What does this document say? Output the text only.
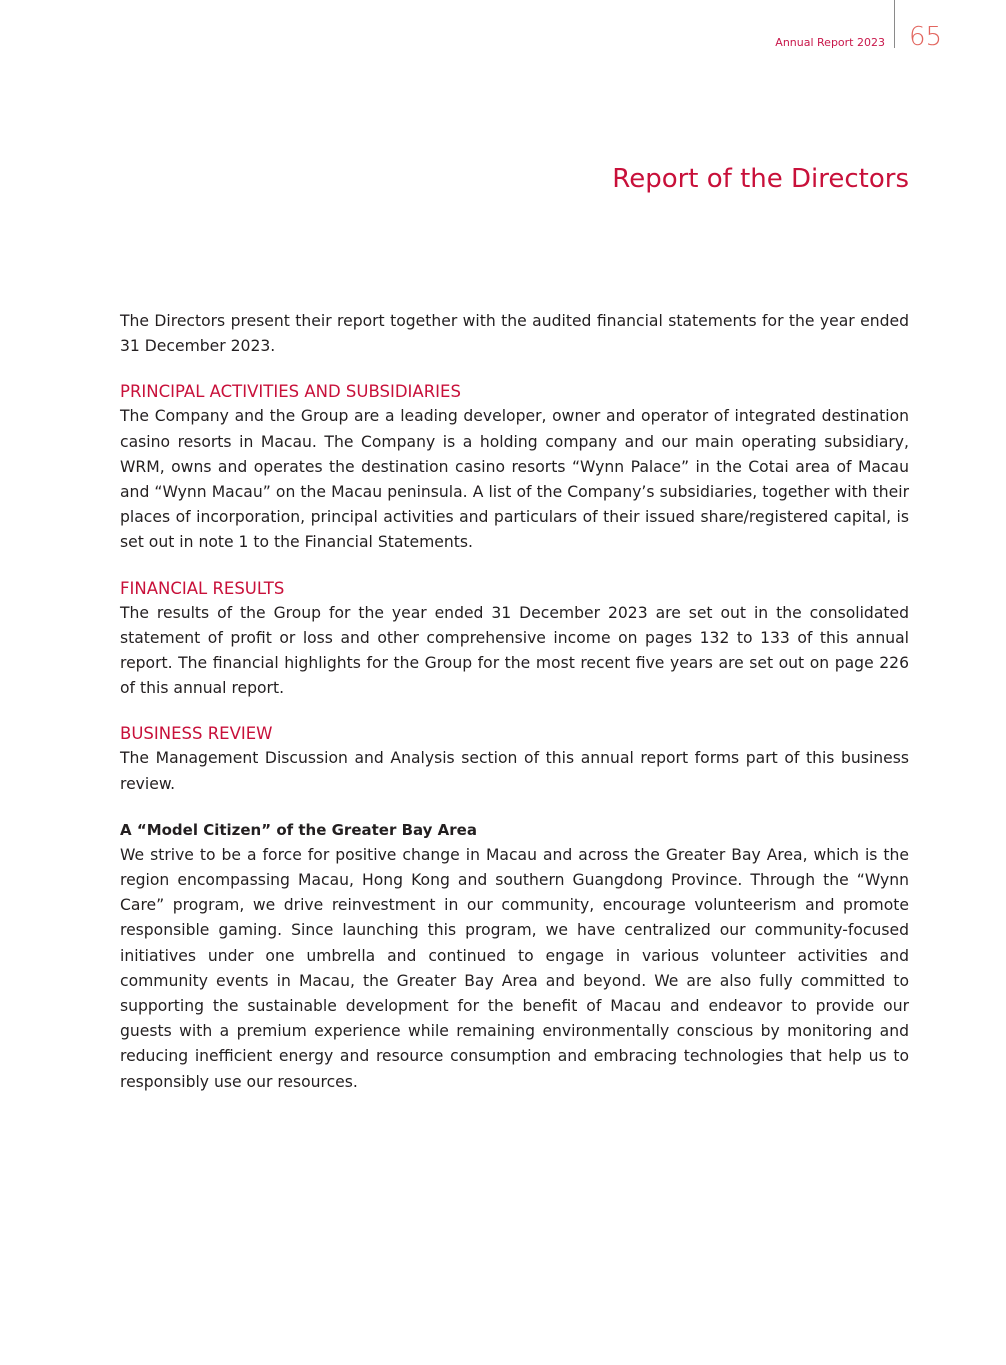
Annual Report 2023 65
Report of the Directors

The Directors present their report together with the audited financial statements for the year ended 31 December 2023.

PRINCIPAL ACTIVITIES AND SUBSIDIARIES

The Company and the Group are a leading developer, owner and operator of integrated destination casino resorts in Macau. The Company is a holding company and our main operating subsidiary, WRM, owns and operates the destination casino resorts “Wynn Palace” in the Cotai area of Macau and “Wynn Macau” on the Macau peninsula. A list of the Company’s subsidiaries, together with their places of incorporation, principal activities and particulars of their issued share/registered capital, is set out in note 1 to the Financial Statements.

FINANCIAL RESULTS

The results of the Group for the year ended 31 December 2023 are set out in the consolidated statement of profit or loss and other comprehensive income on pages 132 to 133 of this annual report. The financial highlights for the Group for the most recent five years are set out on page 226 of this annual report.

BUSINESS REVIEW

The Management Discussion and Analysis section of this annual report forms part of this business review.

A “Model Citizen” of the Greater Bay Area

We strive to be a force for positive change in Macau and across the Greater Bay Area, which is the region encompassing Macau, Hong Kong and southern Guangdong Province. Through the “Wynn Care” program, we drive reinvestment in our community, encourage volunteerism and promote responsible gaming. Since launching this program, we have centralized our community-focused initiatives under one umbrella and continued to engage in various volunteer activities and community events in Macau, the Greater Bay Area and beyond. We are also fully committed to supporting the sustainable development for the benefit of Macau and endeavor to provide our guests with a premium experience while remaining environmentally conscious by monitoring and reducing inefficient energy and resource consumption and embracing technologies that help us to responsibly use our resources.
